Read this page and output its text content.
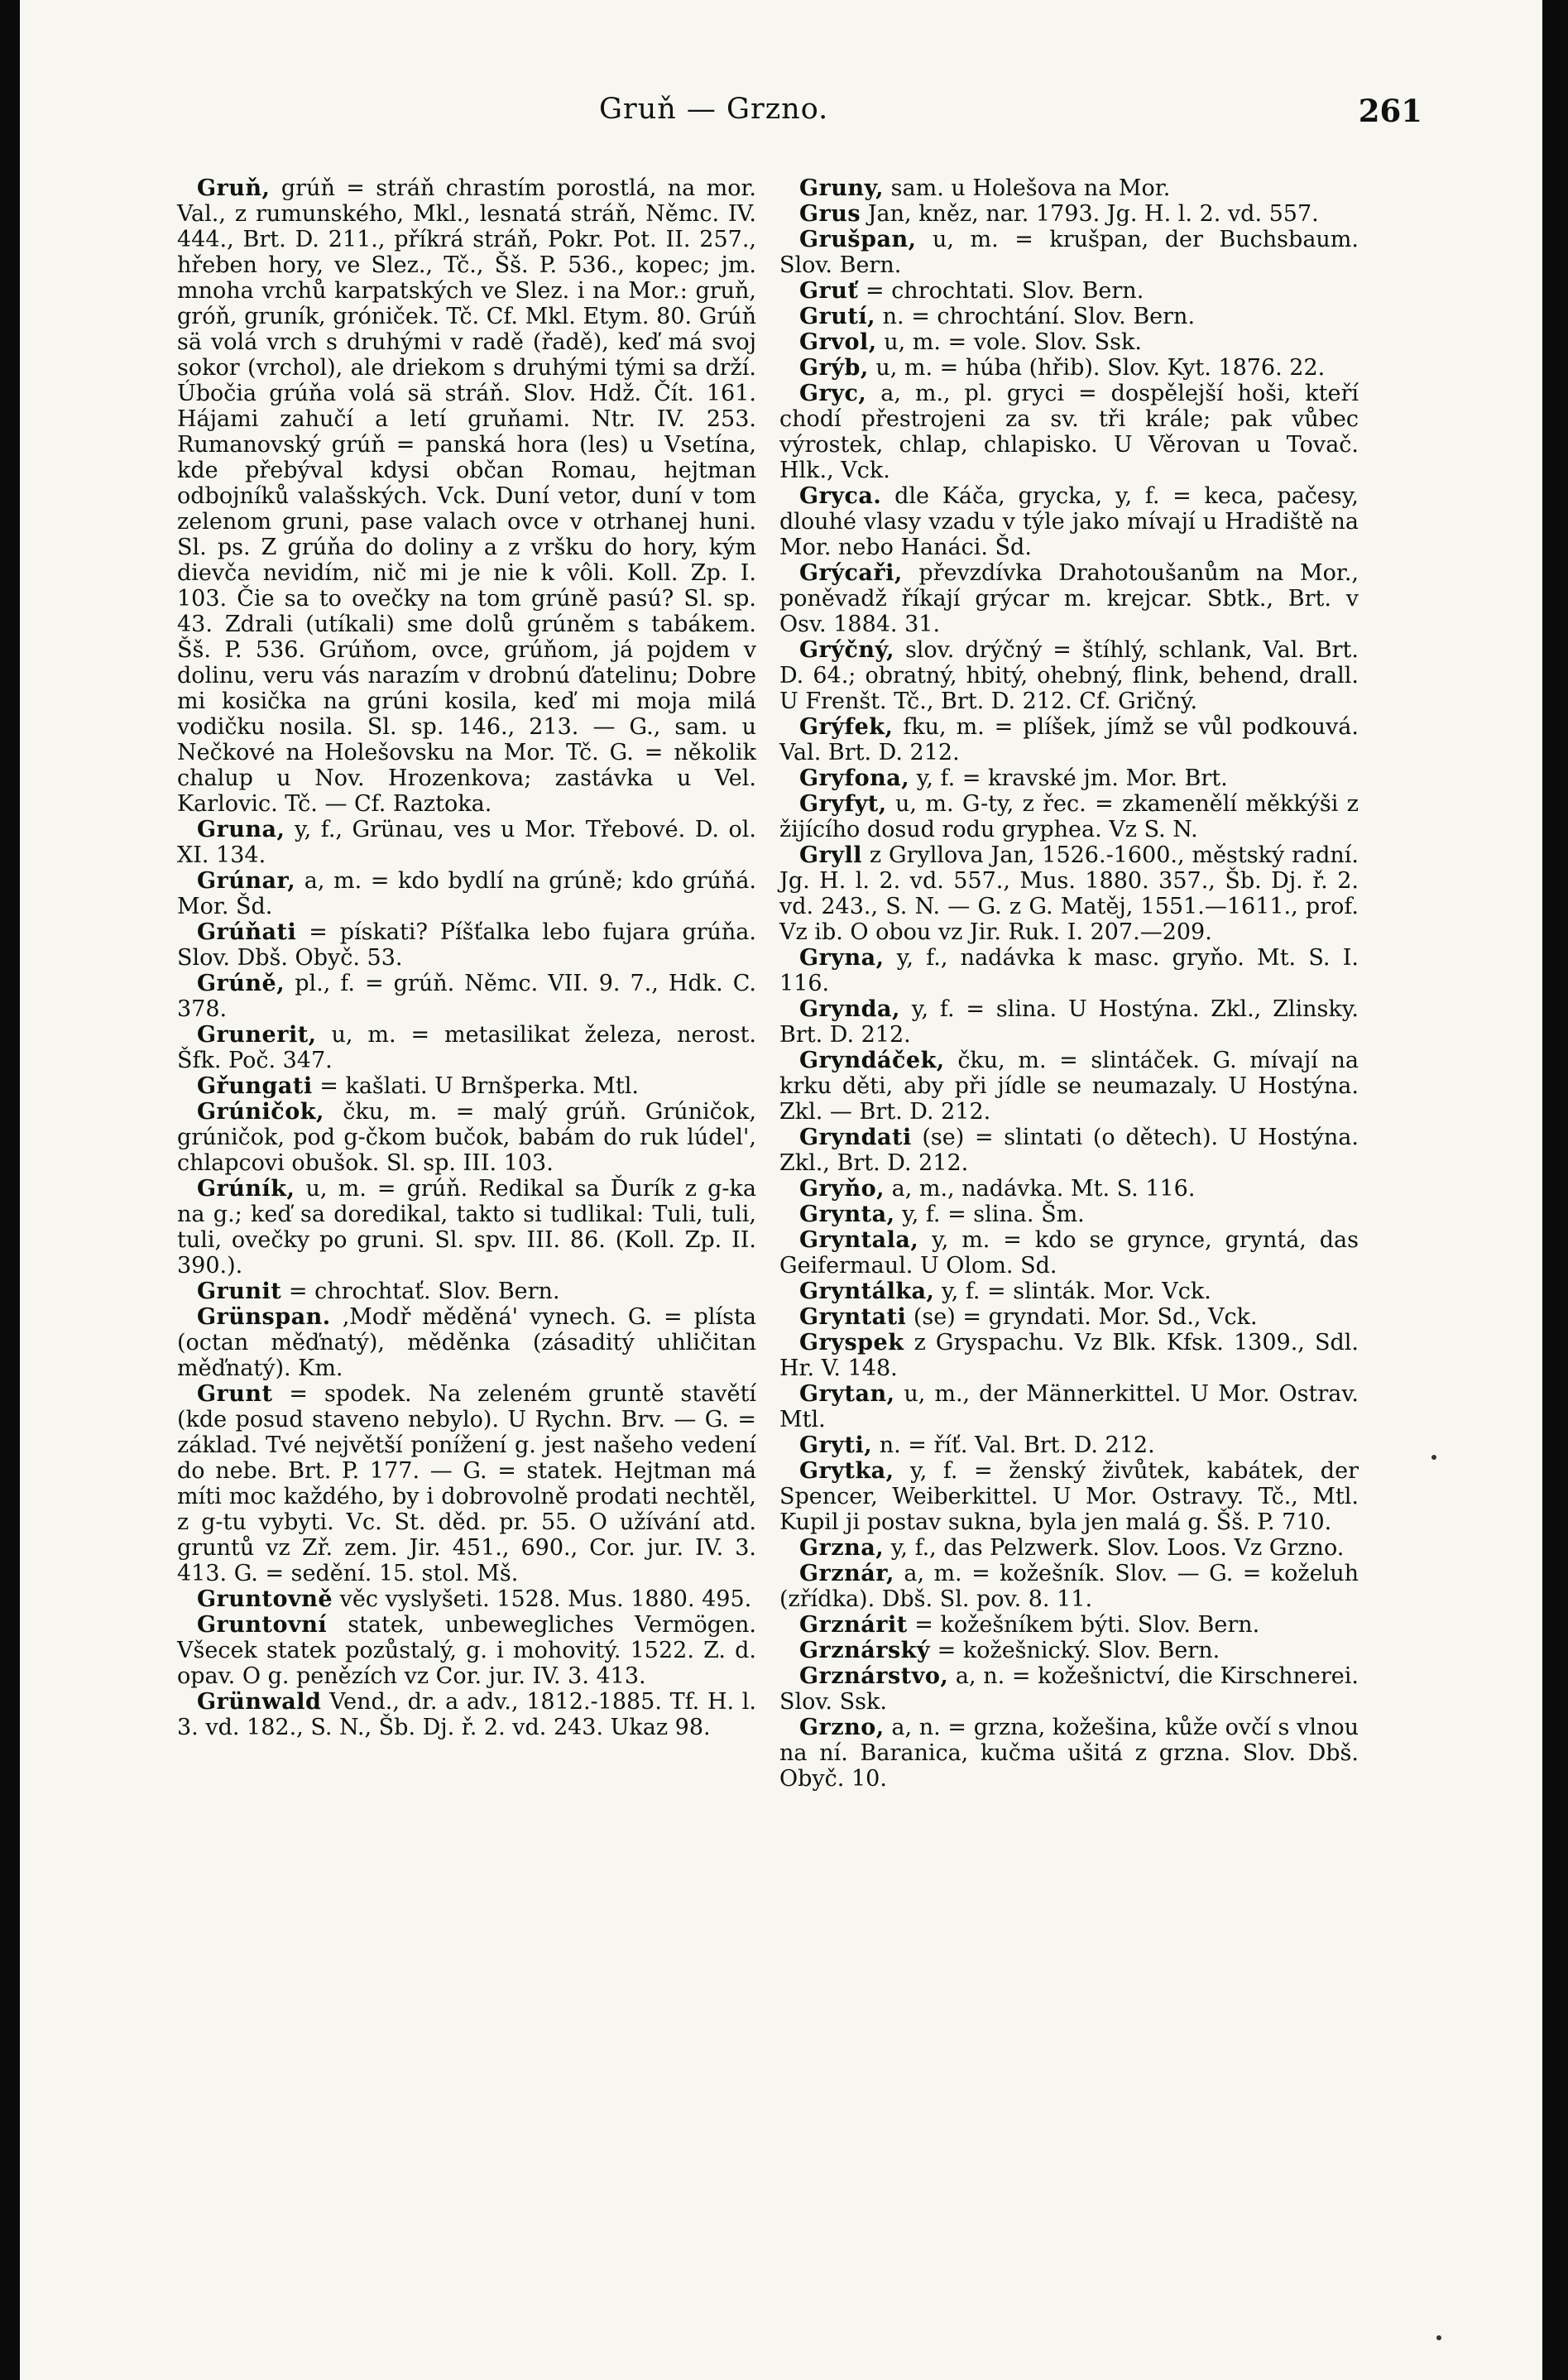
Gruň — Grzno.	261

Gruň, grúň = stráň chrastím porostlá, na mor. Val., z rumunského, Mkl., lesnatá stráň, Němc. IV. 444., Brt. D. 211., příkrá stráň, Pokr. Pot. II. 257., hřeben hory, ve Slez., Tč., Šš. P. 536., kopec; jm. mnoha vrchů karpatských ve Slez. i na Mor.: gruň, gróň, gruník, gróniček. Tč. Cf. Mkl. Etym. 80. Grúň sä volá vrch s druhými v radě (řadě), keď má svoj sokor (vrchol), ale driekom s druhými tými sa drží. Úbočia grúňa volá sä stráň. Slov. Hdž. Čít. 161. Hájami zahučí a letí gruňami. Ntr. IV. 253. Rumanovský grúň = panská hora (les) u Vsetína, kde přebýval kdysi občan Romau, hejtman odbojníků valašských. Vck. Duní vetor, duní v tom zelenom gruni, pase valach ovce v otrhanej huni. Sl. ps. Z grúňa do doliny a z vršku do hory, kým dievča nevidím, nič mi je nie k vôli. Koll. Zp. I. 103. Čie sa to ovečky na tom grúně pasú? Sl. sp. 43. Zdrali (utíkali) sme dolů grúněm s tabákem. Šš. P. 536. Grúňom, ovce, grúňom, já pojdem v dolinu, veru vás narazím v drobnú ďatelinu; Dobre mi kosička na grúni kosila, keď mi moja milá vodičku nosila. Sl. sp. 146., 213. — G., sam. u Nečkové na Holešovsku na Mor. Tč. G. = několik chalup u Nov. Hrozenkova; zastávka u Vel. Karlovic. Tč. — Cf. Raztoka.

Gruna, y, f., Grünau, ves u Mor. Třebové. D. ol. XI. 134.

Grúnar, a, m. = kdo bydlí na grúně; kdo grúňá. Mor. Šd.

Grúňati = pískati? Píšťalka lebo fujara grúňa. Slov. Dbš. Obyč. 53.

Grúně, pl., f. = grúň. Němc. VII. 9. 7., Hdk. C. 378.

Grunerit, u, m. = metasilikat železa, nerost. Šfk. Poč. 347.

Gřungati = kašlati. U Brnšperka. Mtl.

Grúničok, čku, m. = malý grúň. Grúničok, grúničok, pod g-čkom bučok, babám do ruk lúdel', chlapcovi obušok. Sl. sp. III. 103.

Grúník, u, m. = grúň. Redikal sa Ďurík z g-ka na g.; keď sa doredikal, takto si tudlikal: Tuli, tuli, tuli, ovečky po gruni. Sl. spv. III. 86. (Koll. Zp. II. 390.).

Grunit = chrochtať. Slov. Bern.

Grünspan. ‚Modř měděná' vynech. G. = plísta (octan měďnatý), měděnka (zásaditý uhličitan měďnatý). Km.

Grunt = spodek. Na zeleném gruntě stavětí (kde posud staveno nebylo). U Rychn. Brv. — G. = základ. Tvé největší ponížení g. jest našeho vedení do nebe. Brt. P. 177. — G. = statek. Hejtman má míti moc každého, by i dobrovolně prodati nechtěl, z g-tu vybyti. Vc. St. děd. pr. 55. O užívání atd. gruntů vz Zř. zem. Jir. 451., 690., Cor. jur. IV. 3. 413. G. = sedění. 15. stol. Mš.

Gruntovně věc vyslyšeti. 1528. Mus. 1880. 495.

Gruntovní statek, unbewegliches Vermögen. Všecek statek pozůstalý, g. i mohovitý. 1522. Z. d. opav. O g. penězích vz Cor. jur. IV. 3. 413.

Grünwald Vend., dr. a adv., 1812.-1885. Tf. H. l. 3. vd. 182., S. N., Šb. Dj. ř. 2. vd. 243. Ukaz 98.

Gruny, sam. u Holešova na Mor.

Grus Jan, kněz, nar. 1793. Jg. H. l. 2. vd. 557.

Grušpan, u, m. = krušpan, der Buchsbaum. Slov. Bern.

Gruť = chrochtati. Slov. Bern.

Grutí, n. = chrochtání. Slov. Bern.

Grvol, u, m. = vole. Slov. Ssk.

Grýb, u, m. = húba (hřib). Slov. Kyt. 1876. 22.

Gryc, a, m., pl. gryci = dospělejší hoši, kteří chodí přestrojeni za sv. tři krále; pak vůbec výrostek, chlap, chlapisko. U Věrovan u Tovač. Hlk., Vck.

Gryca. dle Káča, grycka, y, f. = keca, pačesy, dlouhé vlasy vzadu v týle jako mívají u Hradiště na Mor. nebo Hanáci. Šd.

Grýcaři, převzdívka Drahotoušanům na Mor., poněvadž říkají grýcar m. krejcar. Sbtk., Brt. v Osv. 1884. 31.

Grýčný, slov. drýčný = štíhlý, schlank, Val. Brt. D. 64.; obratný, hbitý, ohebný, flink, behend, drall. U Frenšt. Tč., Brt. D. 212. Cf. Gričný.

Grýfek, fku, m. = plíšek, jímž se vůl podkouvá. Val. Brt. D. 212.

Gryfona, y, f. = kravské jm. Mor. Brt.

Gryfyt, u, m. G-ty, z řec. = zkamenělí měkkýši z žijícího dosud rodu gryphea. Vz S. N.

Gryll z Gryllova Jan, 1526.-1600., městský radní. Jg. H. l. 2. vd. 557., Mus. 1880. 357., Šb. Dj. ř. 2. vd. 243., S. N. — G. z G. Matěj, 1551.—1611., prof. Vz ib. O obou vz Jir. Ruk. I. 207.—209.

Gryna, y, f., nadávka k masc. gryňo. Mt. S. I. 116.

Grynda, y, f. = slina. U Hostýna. Zkl., Zlinsky. Brt. D. 212.

Gryndáček, čku, m. = slintáček. G. mívají na krku děti, aby při jídle se neumazaly. U Hostýna. Zkl. — Brt. D. 212.

Gryndati (se) = slintati (o dětech). U Hostýna. Zkl., Brt. D. 212.

Gryňo, a, m., nadávka. Mt. S. 116.

Grynta, y, f. = slina. Šm.

Gryntala, y, m. = kdo se grynce, gryntá, das Geifermaul. U Olom. Sd.

Gryntálka, y, f. = slinták. Mor. Vck.

Gryntati (se) = gryndati. Mor. Sd., Vck.

Gryspek z Gryspachu. Vz Blk. Kfsk. 1309., Sdl. Hr. V. 148.

Grytan, u, m., der Männerkittel. U Mor. Ostrav. Mtl.

Gryti, n. = říť. Val. Brt. D. 212.

Grytka, y, f. = ženský živůtek, kabátek, der Spencer, Weiberkittel. U Mor. Ostravy. Tč., Mtl. Kupil ji postav sukna, byla jen malá g. Šš. P. 710.

Grzna, y, f., das Pelzwerk. Slov. Loos. Vz Grzno.

Grznár, a, m. = kožešník. Slov. — G. = koželuh (zřídka). Dbš. Sl. pov. 8. 11.

Grznárit = kožešníkem býti. Slov. Bern.

Grznárský = kožešnický. Slov. Bern.

Grznárstvo, a, n. = kožešnictví, die Kirschnerei. Slov. Ssk.

Grzno, a, n. = grzna, kožešina, kůže ovčí s vlnou na ní. Baranica, kučma ušitá z grzna. Slov. Dbš. Obyč. 10.
